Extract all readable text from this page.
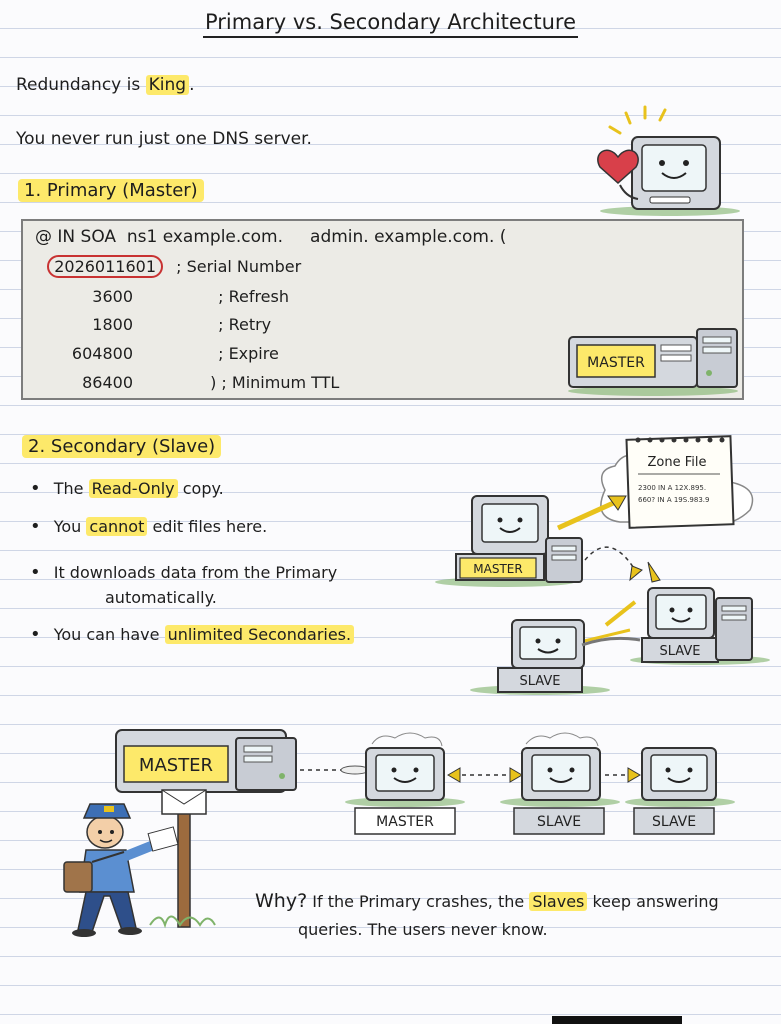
Primary vs. Secondary Architecture
Redundancy is King .
You never run just one DNS server.
1. Primary (Master)
@ IN SOA ns1 example.com. admin. example.com. (
2026011601 ; Serial Number
3600	; Refresh
1800	; Retry
604800	; Expire
86400	) ; Minimum TTL
MASTER
2. Secondary (Slave)
• The Read-Only copy.
• You cannot edit files here.
• It downloads data from the Primary
automatically.
• You can have unlimited Secondaries.
Zone File
2300 IN A 12X.895.
660? IN A 19S.983.9
MASTER
SLAVE
SLAVE
MASTER
MASTER	SLAVE	SLAVE
Why? If the Primary crashes, the Slaves keep answering
queries. The users never know.
